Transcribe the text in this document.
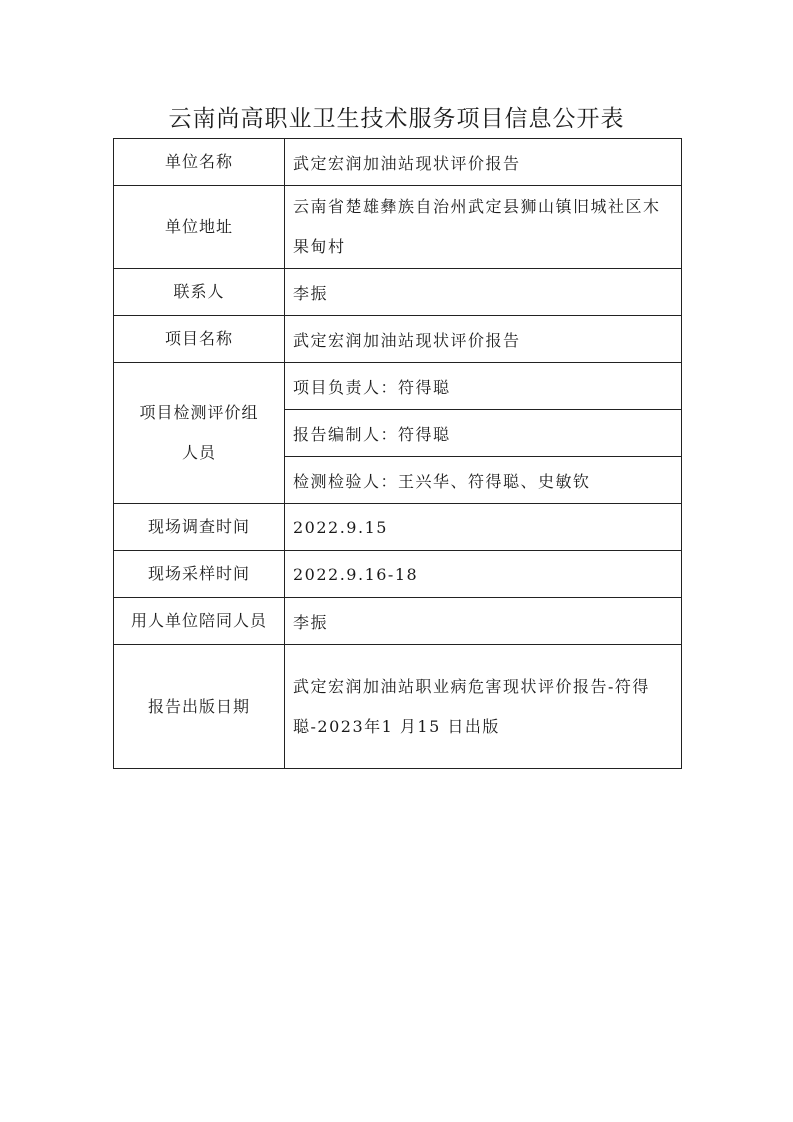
云南尚高职业卫生技术服务项目信息公开表
单位名称	武定宏润加油站现状评价报告
单位地址	云南省楚雄彝族自治州武定县狮山镇旧城社区木果甸村

联系人	李振
项目名称	武定宏润加油站现状评价报告

项目检测评价组人员	项目负责人：符得聪
	报告编制人：符得聪
	检测检验人：王兴华、符得聪、史敏钦
现场调查时间	2022.9.15
现场采样时间	2022.9.16-18
用人单位陪同人员	李振
报告出版日期	武定宏润加油站职业病危害现状评价报告-符得聪-2023年1 月15 日出版
